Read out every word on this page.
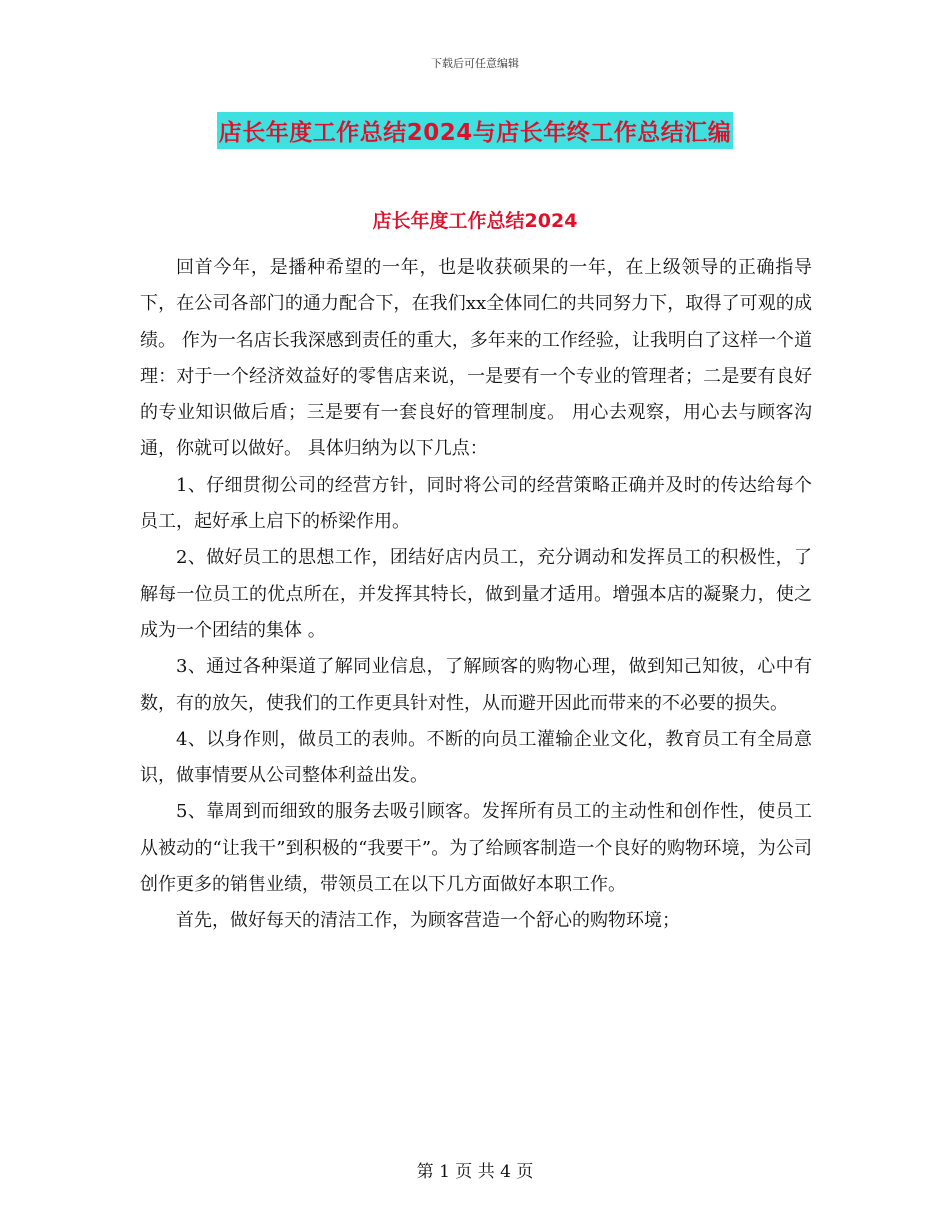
下载后可任意编辑
店长年度工作总结2024与店长年终工作总结汇编
店长年度工作总结2024

回首今年，是播种希望的一年，也是收获硕果的一年，在上级领导的正确指导下，在公司各部门的通力配合下，在我们xx全体同仁的共同努力下，取得了可观的成绩。 作为一名店长我深感到责任的重大，多年来的工作经验，让我明白了这样一个道理：对于一个经济效益好的零售店来说，一是要有一个专业的管理者；二是要有良好的专业知识做后盾；三是要有一套良好的管理制度。 用心去观察，用心去与顾客沟通，你就可以做好。 具体归纳为以下几点：

1、仔细贯彻公司的经营方针，同时将公司的经营策略正确并及时的传达给每个员工，起好承上启下的桥梁作用。

2、做好员工的思想工作，团结好店内员工，充分调动和发挥员工的积极性，了解每一位员工的优点所在，并发挥其特长，做到量才适用。增强本店的凝聚力，使之成为一个团结的集体 。

3、通过各种渠道了解同业信息，了解顾客的购物心理，做到知己知彼，心中有数，有的放矢，使我们的工作更具针对性，从而避开因此而带来的不必要的损失。

4、以身作则，做员工的表帅。不断的向员工灌输企业文化，教育员工有全局意识，做事情要从公司整体利益出发。

5、靠周到而细致的服务去吸引顾客。发挥所有员工的主动性和创作性，使员工从被动的“让我干”到积极的“我要干”。为了给顾客制造一个良好的购物环境，为公司创作更多的销售业绩，带领员工在以下几方面做好本职工作。

首先，做好每天的清洁工作，为顾客营造一个舒心的购物环境；

第 1 页 共 4 页
